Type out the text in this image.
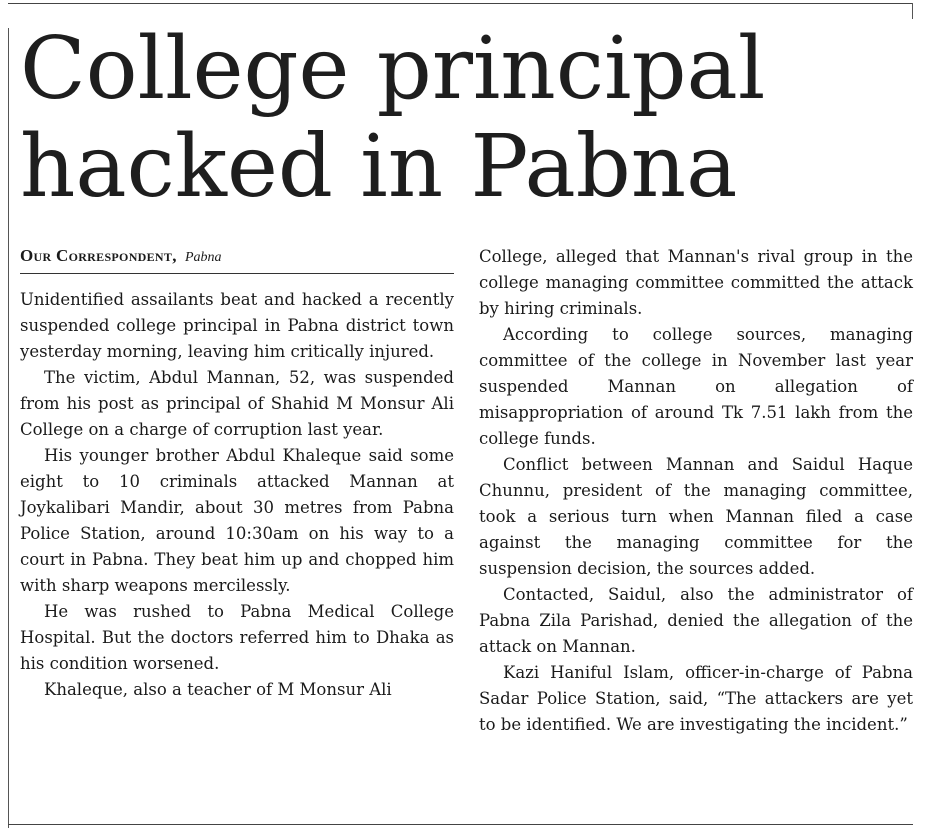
College principal hacked in Pabna
Our Correspondent, Pabna

Unidentified assailants beat and hacked a recently suspended college principal in Pabna district town yesterday morning, leaving him critically injured.

The victim, Abdul Mannan, 52, was suspended from his post as principal of Shahid M Monsur Ali College on a charge of corruption last year.

His younger brother Abdul Khaleque said some eight to 10 criminals attacked Mannan at Joykalibari Mandir, about 30 metres from Pabna Police Station, around 10:30am on his way to a court in Pabna. They beat him up and chopped him with sharp weapons mercilessly.

He was rushed to Pabna Medical College Hospital. But the doctors referred him to Dhaka as his condition worsened.

Khaleque, also a teacher of M Monsur Ali

College, alleged that Mannan's rival group in the college managing committee committed the attack by hiring criminals.

According to college sources, managing committee of the college in November last year suspended Mannan on allegation of misappropriation of around Tk 7.51 lakh from the college funds.

Conflict between Mannan and Saidul Haque Chunnu, president of the managing committee, took a serious turn when Mannan filed a case against the managing committee for the suspension decision, the sources added.

Contacted, Saidul, also the administrator of Pabna Zila Parishad, denied the allegation of the attack on Mannan.

Kazi Haniful Islam, officer-in-charge of Pabna Sadar Police Station, said, “The attackers are yet to be identified. We are investigating the incident.”
